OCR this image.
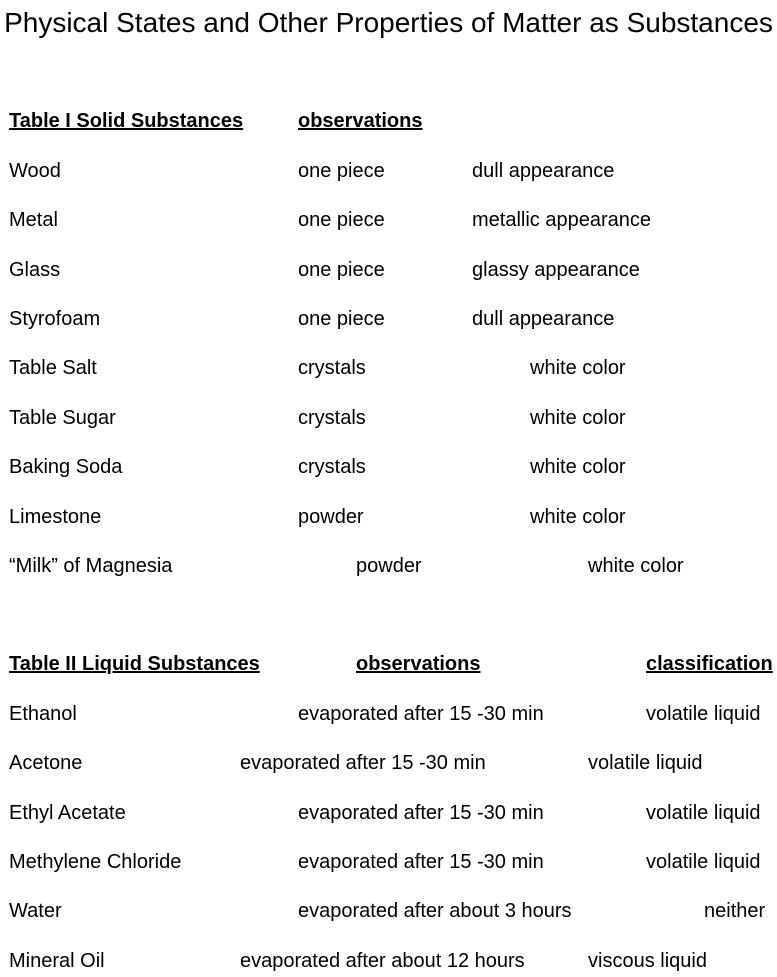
Physical States and Other Properties of Matter as Substances
Table I Solid Substances	observations
Wood	one piece	dull appearance
Metal	one piece	metallic appearance
Glass	one piece	glassy appearance
Styrofoam	one piece	dull appearance
Table Salt	crystals	white color
Table Sugar	crystals	white color
Baking Soda	crystals	white color
Limestone	powder	white color
“Milk” of Magnesia	powder	white color
Table II Liquid Substances	observations	classification
Ethanol	evaporated after 15 -30 min	volatile liquid
Acetone	evaporated after 15 -30 min	volatile liquid
Ethyl Acetate	evaporated after 15 -30 min	volatile liquid
Methylene Chloride	evaporated after 15 -30 min	volatile liquid
Water	evaporated after about 3 hours	neither
Mineral Oil	evaporated after about 12 hours	viscous liquid
